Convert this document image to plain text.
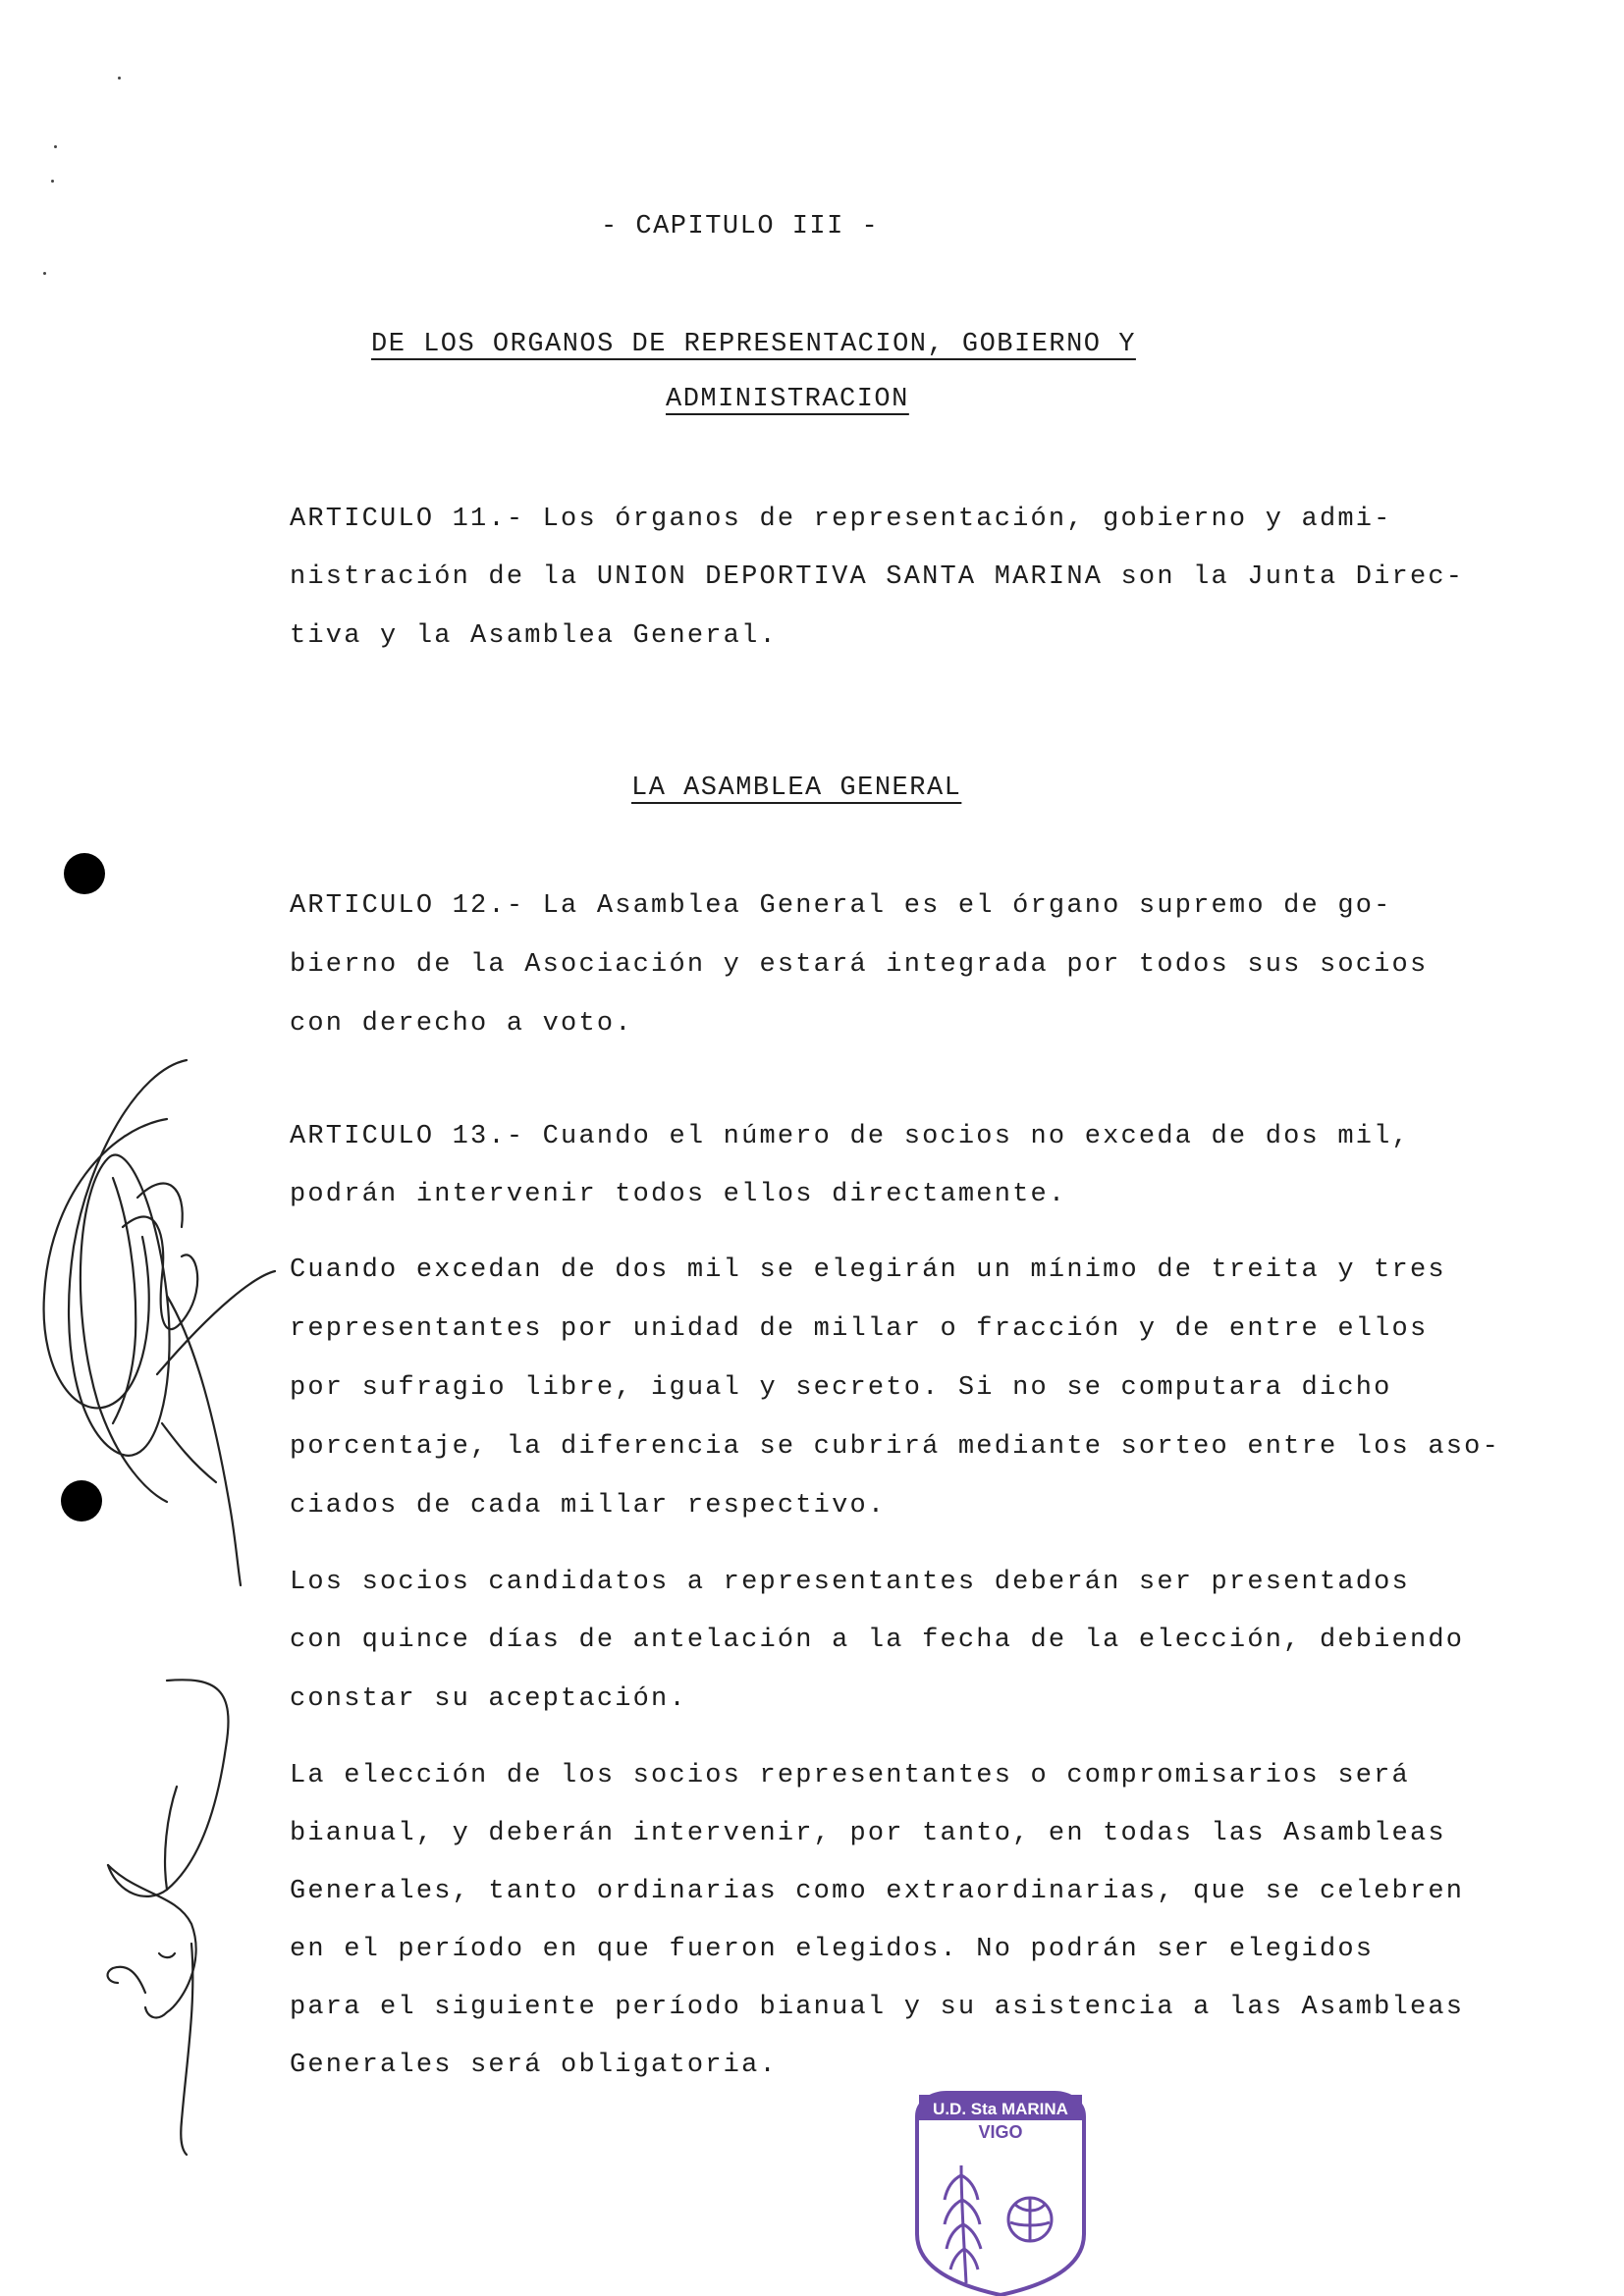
- CAPITULO III -
DE LOS ORGANOS DE REPRESENTACION, GOBIERNO Y
ADMINISTRACION
ARTICULO 11.- Los órganos de representación, gobierno y admi-
nistración de la UNION DEPORTIVA SANTA MARINA son la Junta Direc-
tiva y la Asamblea General.
LA ASAMBLEA GENERAL
ARTICULO 12.- La Asamblea General es el órgano supremo de go-
bierno de la Asociación y estará integrada por todos sus socios
con derecho a voto.
ARTICULO 13.- Cuando el número de socios no exceda de dos mil,
podrán intervenir todos ellos directamente.
Cuando excedan de dos mil se elegirán un mínimo de treita y tres
representantes por unidad de millar o fracción y de entre ellos
por sufragio libre, igual y secreto. Si no se computara dicho
porcentaje, la diferencia se cubrirá mediante sorteo entre los aso-
ciados de cada millar respectivo.
Los socios candidatos a representantes deberán ser presentados
con quince días de antelación a la fecha de la elección, debiendo
constar su aceptación.
La elección de los socios representantes o compromisarios será
bianual, y deberán intervenir, por tanto, en todas las Asambleas
Generales, tanto ordinarias como extraordinarias, que se celebren
en el período en que fueron elegidos. No podrán ser elegidos
para el siguiente período bianual y su asistencia a las Asambleas
Generales será obligatoria.
U.D. Sta MARINA
VIGO
